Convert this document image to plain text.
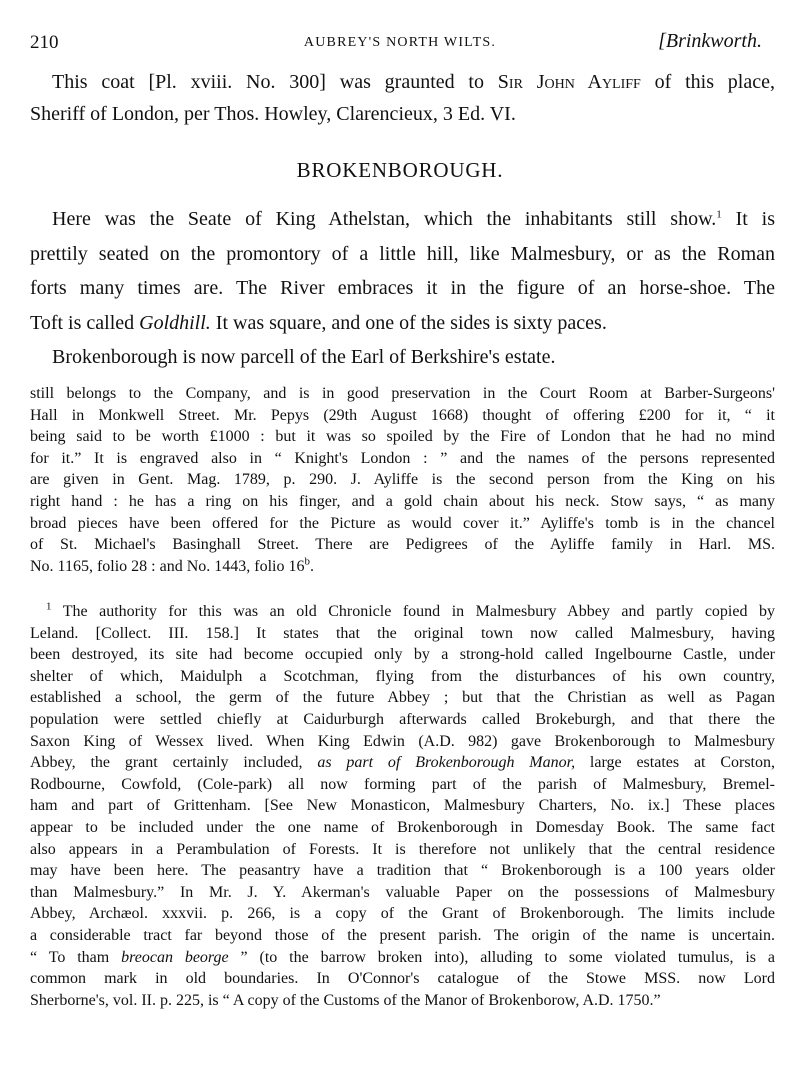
210	AUBREY'S NORTH WILTS.	[Brinkworth.
This coat [Pl. xviii. No. 300] was graunted to Sir John Ayliff of this place,
Sheriff of London, per Thos. Howley, Clarencieux, 3 Ed. VI.
BROKENBOROUGH.
Here was the Seate of King Athelstan, which the inhabitants still show.$^1$ It is
prettily seated on the promontory of a little hill, like Malmesbury, or as the Roman
forts many times are. The River embraces it in the figure of an horse-shoe. The
Toft is called Goldhill. It was square, and one of the sides is sixty paces.
Brokenborough is now parcell of the Earl of Berkshire's estate.
still belongs to the Company, and is in good preservation in the Court Room at Barber-Surgeons'
Hall in Monkwell Street. Mr. Pepys (29th August 1668) thought of offering £200 for it, “ it
being said to be worth £1000 : but it was so spoiled by the Fire of London that he had no mind
for it.” It is engraved also in “ Knight's London : ” and the names of the persons represented
are given in Gent. Mag. 1789, p. 290. J. Ayliffe is the second person from the King on his
right hand : he has a ring on his finger, and a gold chain about his neck. Stow says, “ as many
broad pieces have been offered for the Picture as would cover it.” Ayliffe's tomb is in the chancel
of St. Michael's Basinghall Street. There are Pedigrees of the Ayliffe family in Harl. MS.
No. 1165, folio 28 : and No. 1443, folio 16$^b$.
$^1$ The authority for this was an old Chronicle found in Malmesbury Abbey and partly copied by
Leland. [Collect. III. 158.] It states that the original town now called Malmesbury, having
been destroyed, its site had become occupied only by a strong-hold called Ingelbourne Castle, under
shelter of which, Maidulph a Scotchman, flying from the disturbances of his own country,
established a school, the germ of the future Abbey ; but that the Christian as well as Pagan
population were settled chiefly at Caidurburgh afterwards called Brokeburgh, and that there the
Saxon King of Wessex lived. When King Edwin (A.D. 982) gave Brokenborough to Malmesbury
Abbey, the grant certainly included, as part of Brokenborough Manor, large estates at Corston,
Rodbourne, Cowfold, (Cole-park) all now forming part of the parish of Malmesbury, Bremel-
ham and part of Grittenham. [See New Monasticon, Malmesbury Charters, No. ix.] These places
appear to be included under the one name of Brokenborough in Domesday Book. The same fact
also appears in a Perambulation of Forests. It is therefore not unlikely that the central residence
may have been here. The peasantry have a tradition that “ Brokenborough is a 100 years older
than Malmesbury.” In Mr. J. Y. Akerman's valuable Paper on the possessions of Malmesbury
Abbey, Archæol. xxxvii. p. 266, is a copy of the Grant of Brokenborough. The limits include
a considerable tract far beyond those of the present parish. The origin of the name is uncertain.
“ To tham breocan beorge ” (to the barrow broken into), alluding to some violated tumulus, is a
common mark in old boundaries. In O'Connor's catalogue of the Stowe MSS. now Lord
Sherborne's, vol. II. p. 225, is “ A copy of the Customs of the Manor of Brokenborow, A.D. 1750.”
